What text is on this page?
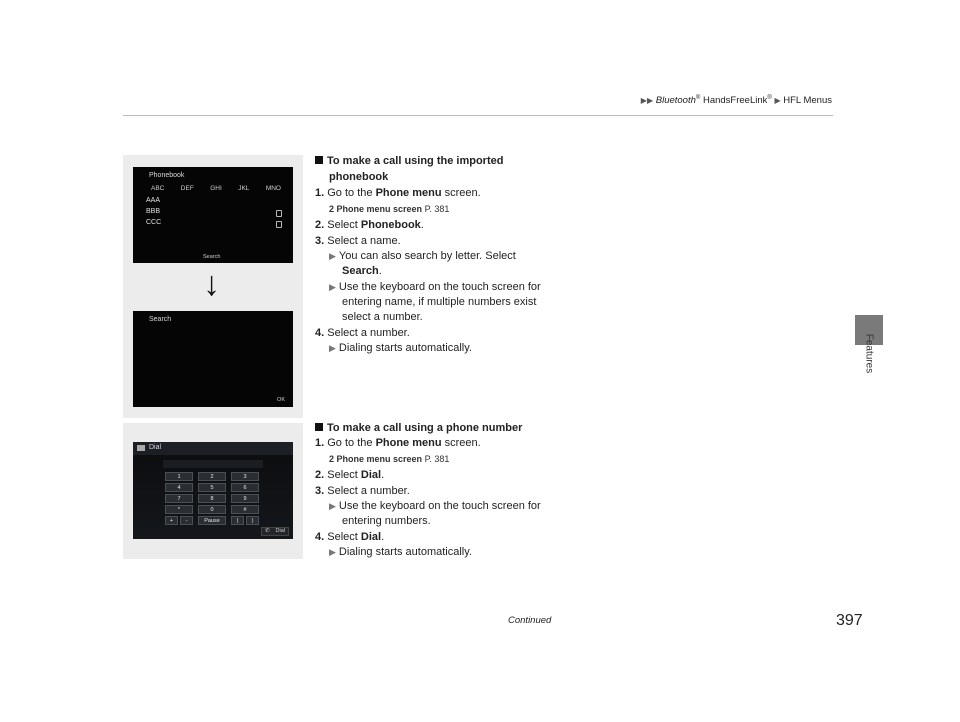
▶▶ Bluetooth® HandsFreeLink® ▶ HFL Menus
Features
Phonebook
ABC	DEF	GHI	JKL	MNO
AAA
BBB
CCC
Search
↓
Search
OK
Dial
1	2	3
4	5	6
7	8	9
*	0	#
+	-	Pause	(	)
Dial
✆
To make a call using the imported
phonebook
1. Go to the Phone menu screen.
2 Phone menu screen P. 381
2. Select Phonebook.
3. Select a name.
▶ You can also search by letter. Select
Search.
▶ Use the keyboard on the touch screen for
entering name, if multiple numbers exist
select a number.
4. Select a number.
▶ Dialing starts automatically.
To make a call using a phone number
1. Go to the Phone menu screen.
2 Phone menu screen P. 381
2. Select Dial.
3. Select a number.
▶ Use the keyboard on the touch screen for
entering numbers.
4. Select Dial.
▶ Dialing starts automatically.
Continued	397
